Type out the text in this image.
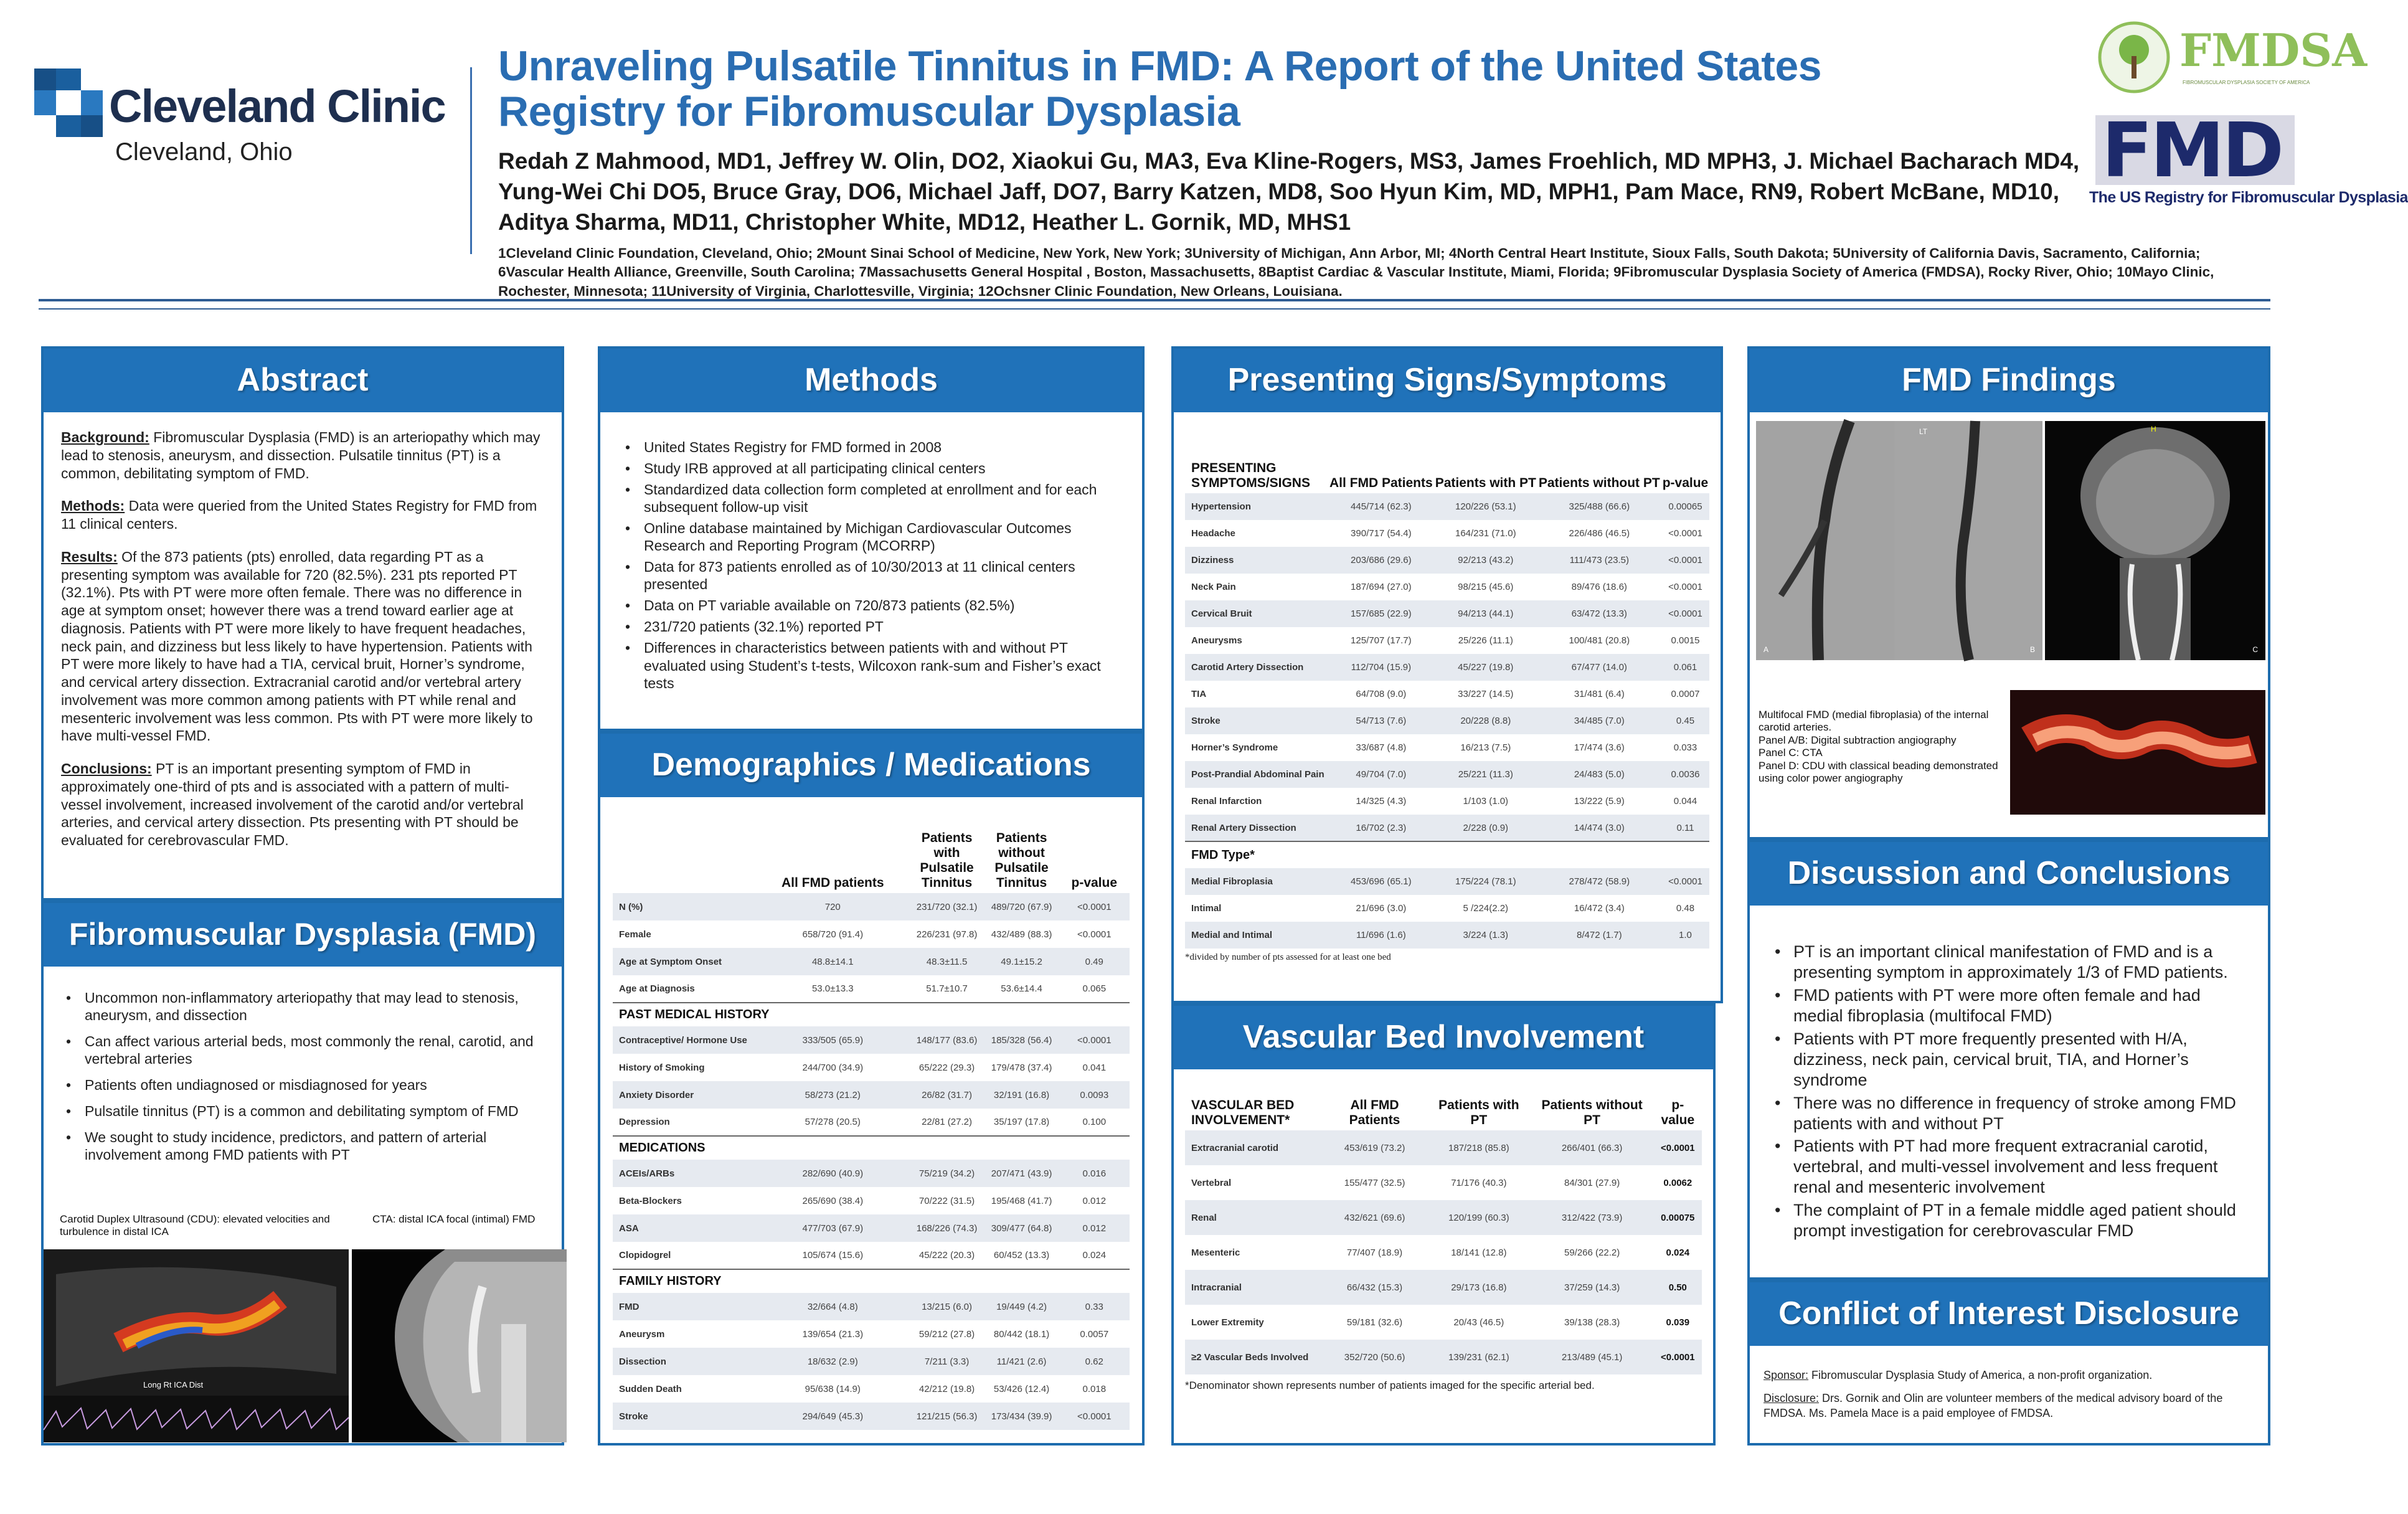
Cleveland Clinic
Cleveland, Ohio
Unraveling Pulsatile Tinnitus in FMD: A Report of the United States
Registry for Fibromuscular Dysplasia
Redah Z Mahmood, MD1, Jeffrey W. Olin, DO2, Xiaokui Gu, MA3, Eva Kline-Rogers, MS3, James Froehlich, MD MPH3, J. Michael Bacharach MD4,
Yung-Wei Chi DO5, Bruce Gray, DO6, Michael Jaff, DO7, Barry Katzen, MD8, Soo Hyun Kim, MD, MPH1, Pam Mace, RN9, Robert McBane, MD10,
Aditya Sharma, MD11, Christopher White, MD12, Heather L. Gornik, MD, MHS1
1Cleveland Clinic Foundation, Cleveland, Ohio; 2Mount Sinai School of Medicine, New York, New York; 3University of Michigan, Ann Arbor, MI; 4North Central Heart Institute, Sioux Falls, South Dakota; 5University of California Davis, Sacramento, California; 6Vascular Health Alliance, Greenville, South Carolina; 7Massachusetts General Hospital , Boston, Massachusetts, 8Baptist Cardiac & Vascular Institute, Miami, Florida; 9Fibromuscular Dysplasia Society of America (FMDSA), Rocky River, Ohio; 10Mayo Clinic, Rochester, Minnesota; 11University of Virginia, Charlottesville, Virginia; 12Ochsner Clinic Foundation, New Orleans, Louisiana.
FMDSA
FIBROMUSCULAR DYSPLASIA SOCIETY OF AMERICA
FMD
The US Registry for Fibromuscular Dysplasia
Abstract

Background: Fibromuscular Dysplasia (FMD) is an arteriopathy which may lead to stenosis, aneurysm, and dissection. Pulsatile tinnitus (PT) is a common, debilitating symptom of FMD.

Methods: Data were queried from the United States Registry for FMD from 11 clinical centers.

Results: Of the 873 patients (pts) enrolled, data regarding PT as a presenting symptom was available for 720 (82.5%). 231 pts reported PT (32.1%). Pts with PT were more often female. There was no difference in age at symptom onset; however there was a trend toward earlier age at diagnosis. Patients with PT were more likely to have frequent headaches, neck pain, and dizziness but less likely to have hypertension. Patients with PT were more likely to have had a TIA, cervical bruit, Horner’s syndrome, and cervical artery dissection. Extracranial carotid and/or vertebral artery involvement was more common among patients with PT while renal and mesenteric involvement was less common. Pts with PT were more likely to have multi-vessel FMD.

Conclusions: PT is an important presenting symptom of FMD in approximately one-third of pts and is associated with a pattern of multi-vessel involvement, increased involvement of the carotid and/or vertebral arteries, and cervical artery dissection. Pts presenting with PT should be evaluated for cerebrovascular FMD.

Fibromuscular Dysplasia (FMD)
• Uncommon non-inflammatory arteriopathy that may lead to stenosis, aneurysm, and dissection
• Can affect various arterial beds, most commonly the renal, carotid, and vertebral arteries
• Patients often undiagnosed or misdiagnosed for years
• Pulsatile tinnitus (PT) is a common and debilitating symptom of FMD
• We sought to study incidence, predictors, and pattern of arterial involvement among FMD patients with PT
Carotid Duplex Ultrasound (CDU): elevated velocities and turbulence in distal ICA
CTA: distal ICA focal (intimal) FMD
Long Rt ICA Dist
Methods
• United States Registry for FMD formed in 2008
• Study IRB approved at all participating clinical centers
• Standardized data collection form completed at enrollment and for each subsequent follow-up visit
• Online database maintained by Michigan Cardiovascular Outcomes Research and Reporting Program (MCORRP)
• Data for 873 patients enrolled as of 10/30/2013 at 11 clinical centers presented
• Data on PT variable available on 720/873 patients (82.5%)
• 231/720 patients (32.1%) reported PT
• Differences in characteristics between patients with and without PT evaluated using Student’s t-tests, Wilcoxon rank-sum and Fisher’s exact tests
Demographics / Medications
	All FMD patients	Patients with Pulsatile Tinnitus	Patients without Pulsatile Tinnitus	p-value
N (%)	720	231/720 (32.1)	489/720 (67.9)	<0.0001
Female	658/720 (91.4)	226/231 (97.8)	432/489 (88.3)	<0.0001
Age at Symptom Onset	48.8±14.1	48.3±11.5	49.1±15.2	0.49
Age at Diagnosis	53.0±13.3	51.7±10.7	53.6±14.4	0.065
PAST MEDICAL HISTORY				
Contraceptive/ Hormone Use	333/505 (65.9)	148/177 (83.6)	185/328 (56.4)	<0.0001
History of Smoking	244/700 (34.9)	65/222 (29.3)	179/478 (37.4)	0.041
Anxiety Disorder	58/273 (21.2)	26/82 (31.7)	32/191 (16.8)	0.0093
Depression	57/278 (20.5)	22/81 (27.2)	35/197 (17.8)	0.100
MEDICATIONS				
ACEIs/ARBs	282/690 (40.9)	75/219 (34.2)	207/471 (43.9)	0.016
Beta-Blockers	265/690 (38.4)	70/222 (31.5)	195/468 (41.7)	0.012
ASA	477/703 (67.9)	168/226 (74.3)	309/477 (64.8)	0.012
Clopidogrel	105/674 (15.6)	45/222 (20.3)	60/452 (13.3)	0.024
FAMILY HISTORY				
FMD	32/664 (4.8)	13/215 (6.0)	19/449 (4.2)	0.33
Aneurysm	139/654 (21.3)	59/212 (27.8)	80/442 (18.1)	0.0057
Dissection	18/632 (2.9)	7/211 (3.3)	11/421 (2.6)	0.62
Sudden Death	95/638 (14.9)	42/212 (19.8)	53/426 (12.4)	0.018
Stroke	294/649 (45.3)	121/215 (56.3)	173/434 (39.9)	<0.0001
Presenting Signs/Symptoms
PRESENTING SYMPTOMS/SIGNS	All FMD Patients	Patients with PT	Patients without PT	p-value
Hypertension	445/714 (62.3)	120/226 (53.1)	325/488 (66.6)	0.00065
Headache	390/717 (54.4)	164/231 (71.0)	226/486 (46.5)	<0.0001
Dizziness	203/686 (29.6)	92/213 (43.2)	111/473 (23.5)	<0.0001
Neck Pain	187/694 (27.0)	98/215 (45.6)	89/476 (18.6)	<0.0001
Cervical Bruit	157/685 (22.9)	94/213 (44.1)	63/472 (13.3)	<0.0001
Aneurysms	125/707 (17.7)	25/226 (11.1)	100/481 (20.8)	0.0015
Carotid Artery Dissection	112/704 (15.9)	45/227 (19.8)	67/477 (14.0)	0.061
TIA	64/708 (9.0)	33/227 (14.5)	31/481 (6.4)	0.0007
Stroke	54/713 (7.6)	20/228 (8.8)	34/485 (7.0)	0.45
Horner’s Syndrome	33/687 (4.8)	16/213 (7.5)	17/474 (3.6)	0.033
Post-Prandial Abdominal Pain	49/704 (7.0)	25/221 (11.3)	24/483 (5.0)	0.0036
Renal Infarction	14/325 (4.3)	1/103 (1.0)	13/222 (5.9)	0.044
Renal Artery Dissection	16/702 (2.3)	2/228 (0.9)	14/474 (3.0)	0.11
FMD Type*				
Medial Fibroplasia	453/696 (65.1)	175/224 (78.1)	278/472 (58.9)	<0.0001
Intimal	21/696 (3.0)	5 /224(2.2)	16/472 (3.4)	0.48
Medial and Intimal	11/696 (1.6)	3/224 (1.3)	8/472 (1.7)	1.0
*divided by number of pts assessed for at least one bed
Vascular Bed Involvement
VASCULAR BED INVOLVEMENT*	All FMD Patients	Patients with PT	Patients without PT	p-value
Extracranial carotid	453/619 (73.2)	187/218 (85.8)	266/401 (66.3)	<0.0001
Vertebral	155/477 (32.5)	71/176 (40.3)	84/301 (27.9)	0.0062
Renal	432/621 (69.6)	120/199 (60.3)	312/422 (73.9)	0.00075
Mesenteric	77/407 (18.9)	18/141 (12.8)	59/266 (22.2)	0.024
Intracranial	66/432 (15.3)	29/173 (16.8)	37/259 (14.3)	0.50
Lower Extremity	59/181 (32.6)	20/43 (46.5)	39/138 (28.3)	0.039
≥2 Vascular Beds Involved	352/720 (50.6)	139/231 (62.1)	213/489 (45.1)	<0.0001
*Denominator shown represents number of patients imaged for the specific arterial bed.
FMD Findings
A
LT
B
H
C
Multifocal FMD (medial fibroplasia) of the internal carotid arteries.
Panel A/B: Digital subtraction angiography
Panel C: CTA
Panel D: CDU with classical beading demonstrated using color power angiography
Discussion and Conclusions
• PT is an important clinical manifestation of FMD and is a presenting symptom in approximately 1/3 of FMD patients.
• FMD patients with PT were more often female and had medial fibroplasia (multifocal FMD)
• Patients with PT more frequently presented with H/A, dizziness, neck pain, cervical bruit, TIA, and Horner’s syndrome
• There was no difference in frequency of stroke among FMD patients with and without PT
• Patients with PT had more frequent extracranial carotid, vertebral, and multi-vessel involvement and less frequent renal and mesenteric involvement
• The complaint of PT in a female middle aged patient should prompt investigation for cerebrovascular FMD
Conflict of Interest Disclosure

Sponsor: Fibromuscular Dysplasia Study of America, a non-profit organization.

Disclosure: Drs. Gornik and Olin are volunteer members of the medical advisory board of the FMDSA. Ms. Pamela Mace is a paid employee of FMDSA.
